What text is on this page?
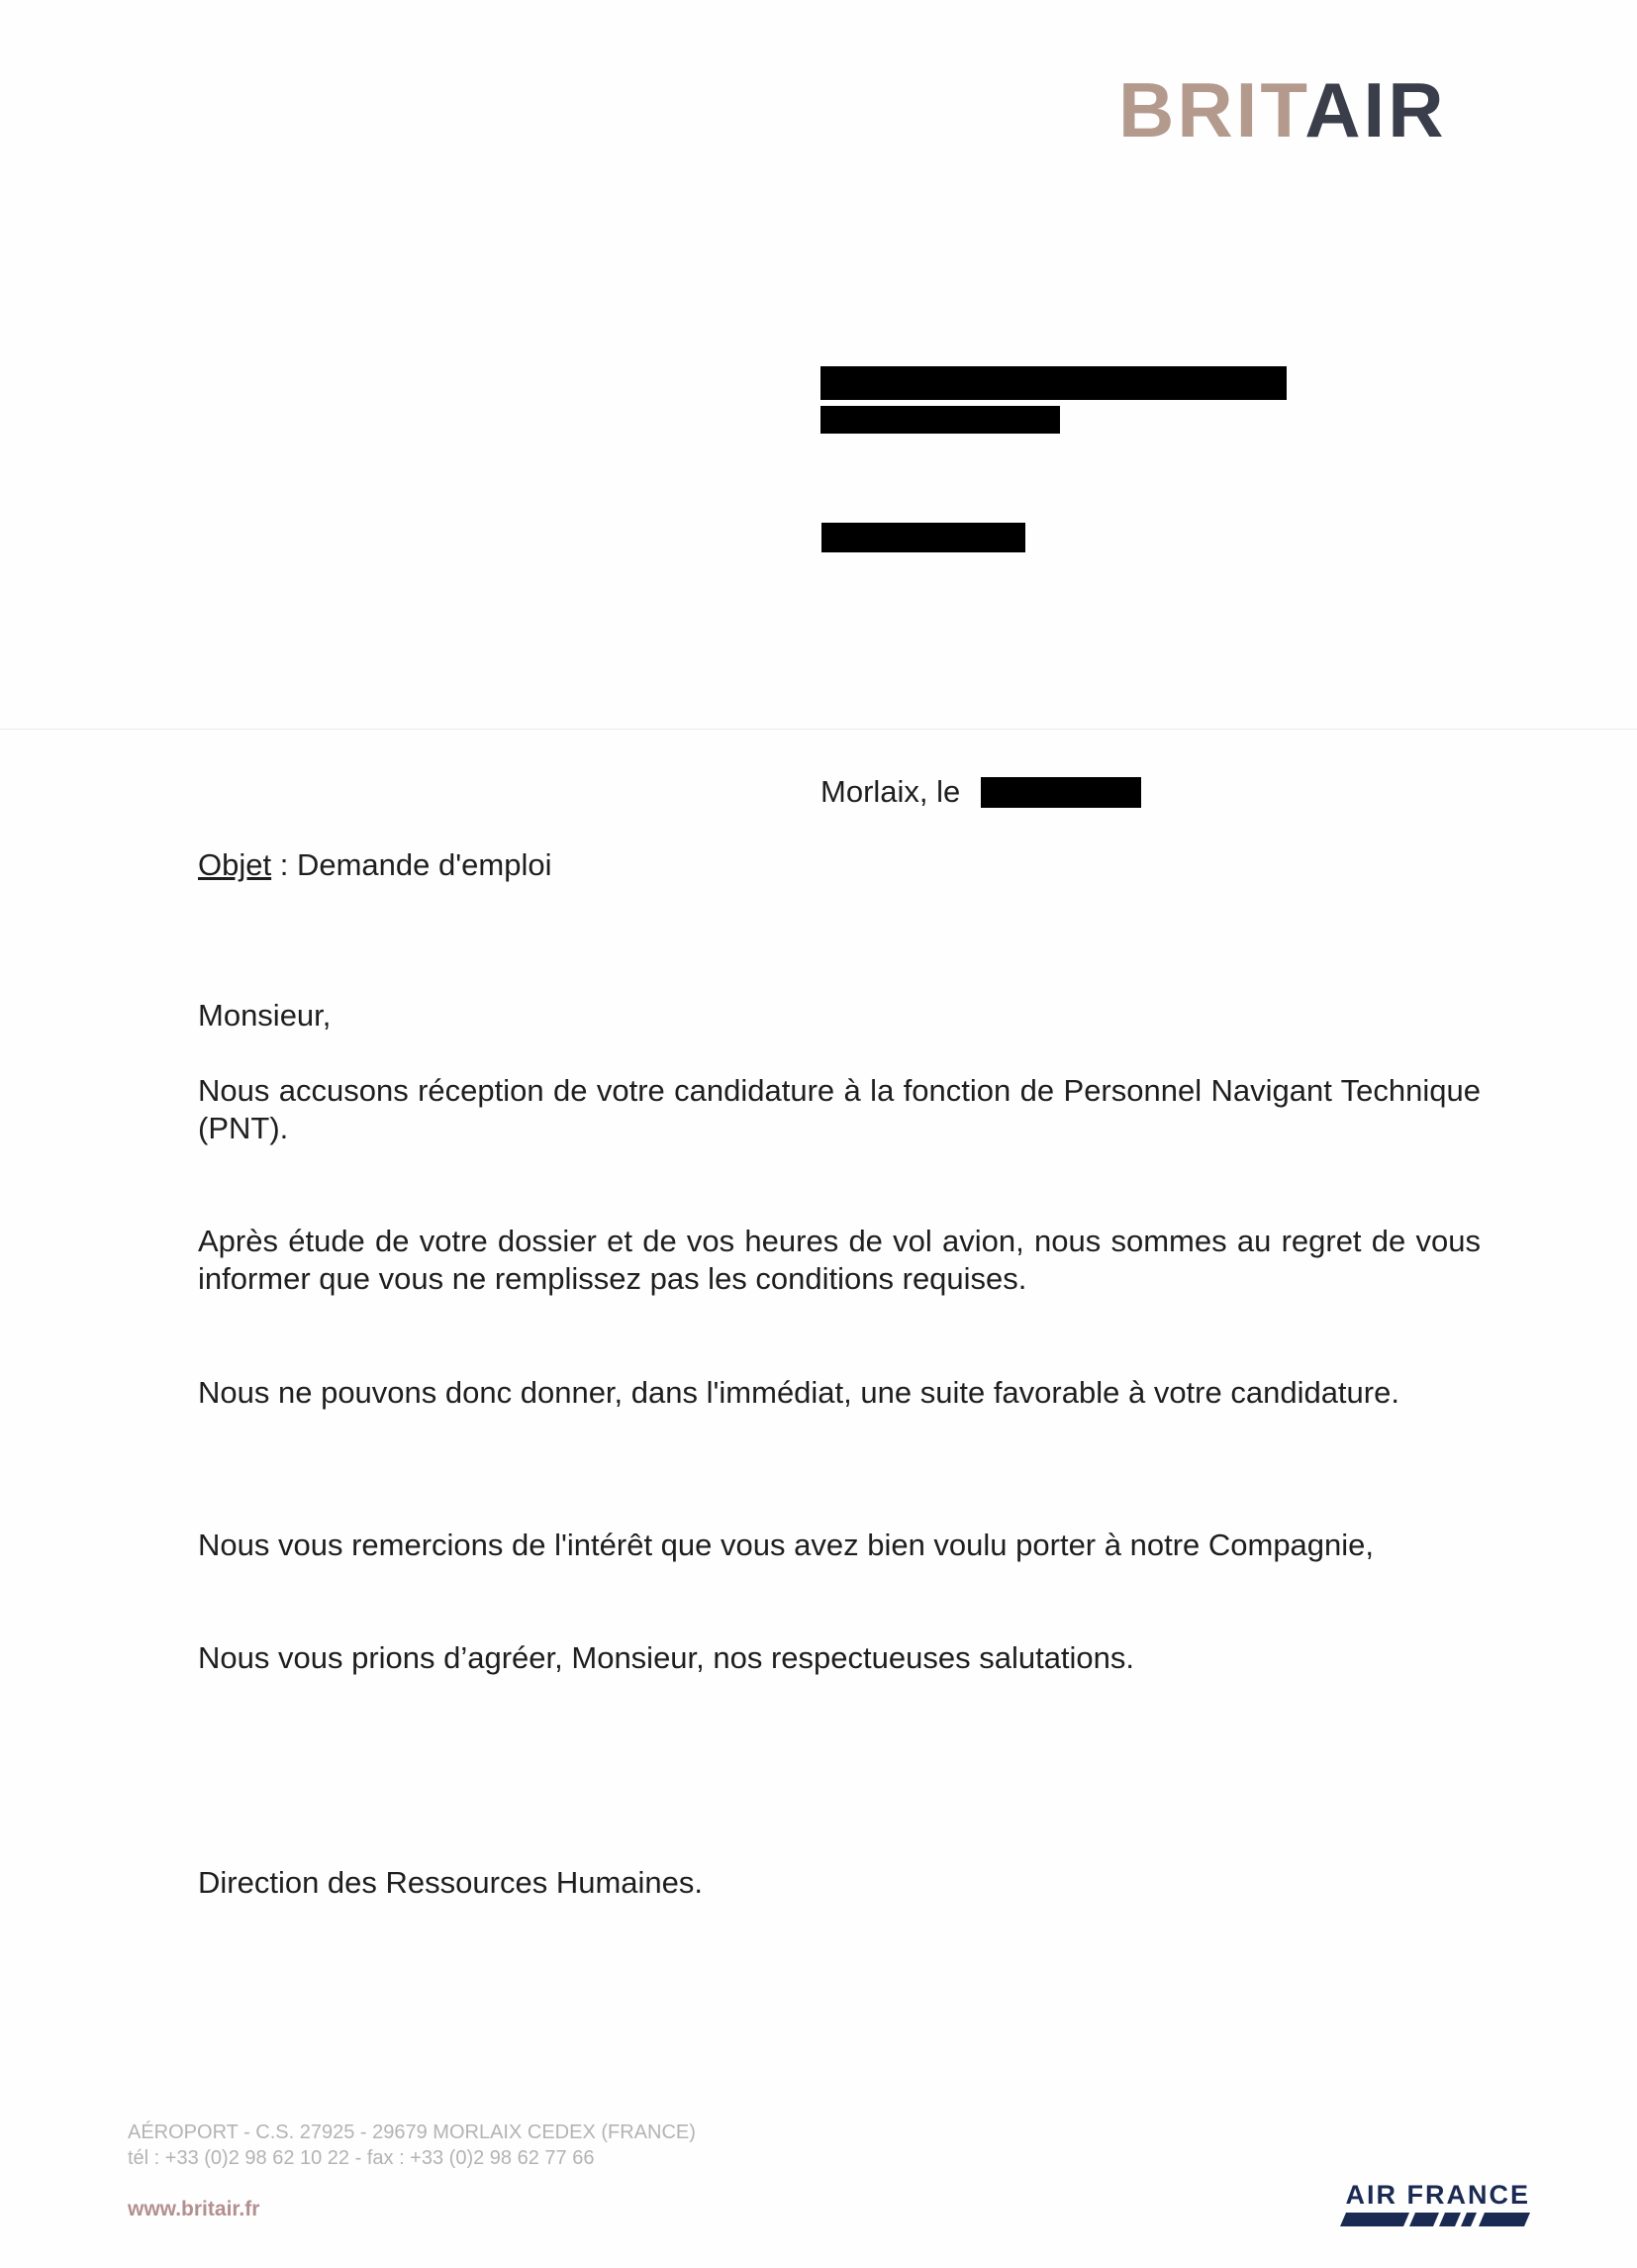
BRITAIR
Morlaix, le
Objet : Demande d'emploi
Monsieur,
Nous accusons réception de votre candidature à la fonction de Personnel Navigant Technique (PNT).
Après étude de votre dossier et de vos heures de vol avion, nous sommes au regret de vous informer que vous ne remplissez pas les conditions requises.
Nous ne pouvons donc donner, dans l'immédiat, une suite favorable à votre candidature.
Nous vous remercions de l'intérêt que vous avez bien voulu porter à notre Compagnie,
Nous vous prions d’agréer, Monsieur, nos respectueuses salutations.
Direction des Ressources Humaines.
AÉROPORT - C.S. 27925 - 29679 MORLAIX CEDEX (FRANCE)
tél : +33 (0)2 98 62 10 22 - fax : +33 (0)2 98 62 77 66
www.britair.fr	AIR FRANCE
